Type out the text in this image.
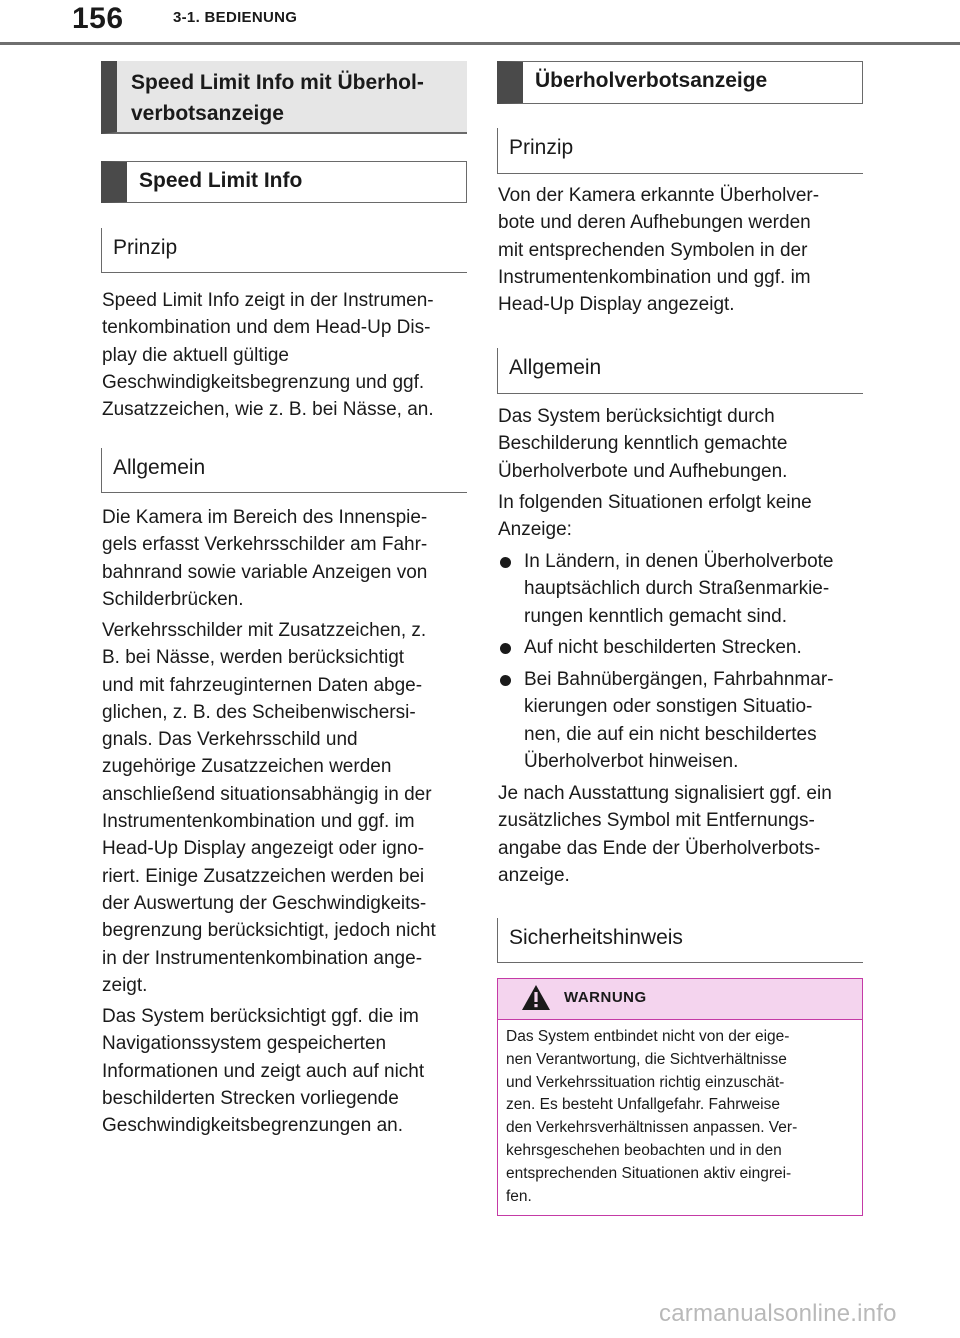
156	3-1. BEDIENUNG
Speed Limit Info mit Überhol-
verbotsanzeige
Speed Limit Info
Prinzip
Speed Limit Info zeigt in der Instrumen-
tenkombination und dem Head-Up Dis-
play die aktuell gültige
Geschwindigkeitsbegrenzung und ggf.
Zusatzzeichen, wie z. B. bei Nässe, an.
Allgemein
Die Kamera im Bereich des Innenspie-
gels erfasst Verkehrsschilder am Fahr-
bahnrand sowie variable Anzeigen von
Schilderbrücken.
Verkehrsschilder mit Zusatzzeichen, z.
B. bei Nässe, werden berücksichtigt
und mit fahrzeuginternen Daten abge-
glichen, z. B. des Scheibenwischersi-
gnals. Das Verkehrsschild und
zugehörige Zusatzzeichen werden
anschließend situationsabhängig in der
Instrumentenkombination und ggf. im
Head-Up Display angezeigt oder igno-
riert. Einige Zusatzzeichen werden bei
der Auswertung der Geschwindigkeits-
begrenzung berücksichtigt, jedoch nicht
in der Instrumentenkombination ange-
zeigt.
Das System berücksichtigt ggf. die im
Navigationssystem gespeicherten
Informationen und zeigt auch auf nicht
beschilderten Strecken vorliegende
Geschwindigkeitsbegrenzungen an.
Überholverbotsanzeige
Prinzip
Von der Kamera erkannte Überholver-
bote und deren Aufhebungen werden
mit entsprechenden Symbolen in der
Instrumentenkombination und ggf. im
Head-Up Display angezeigt.
Allgemein
Das System berücksichtigt durch
Beschilderung kenntlich gemachte
Überholverbote und Aufhebungen.
In folgenden Situationen erfolgt keine
Anzeige:
In Ländern, in denen Überholverbote
hauptsächlich durch Straßenmarkie-
rungen kenntlich gemacht sind.
Auf nicht beschilderten Strecken.
Bei Bahnübergängen, Fahrbahnmar-
kierungen oder sonstigen Situatio-
nen, die auf ein nicht beschildertes
Überholverbot hinweisen.
Je nach Ausstattung signalisiert ggf. ein
zusätzliches Symbol mit Entfernungs-
angabe das Ende der Überholverbots-
anzeige.
Sicherheitshinweis
WARNUNG
Das System entbindet nicht von der eige-
nen Verantwortung, die Sichtverhältnisse
und Verkehrssituation richtig einzuschät-
zen. Es besteht Unfallgefahr. Fahrweise
den Verkehrsverhältnissen anpassen. Ver-
kehrsgeschehen beobachten und in den
entsprechenden Situationen aktiv eingrei-
fen.
carmanualsonline.info
